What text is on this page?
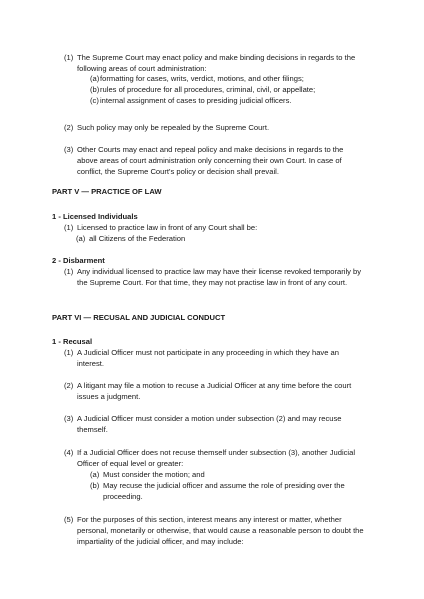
(1) The Supreme Court may enact policy and make binding decisions in regards to the following areas of court administration:
(a) formatting for cases, writs, verdict, motions, and other filings;
(b) rules of procedure for all procedures, criminal, civil, or appellate;
(c) internal assignment of cases to presiding judicial officers.
(2) Such policy may only be repealed by the Supreme Court.
(3) Other Courts may enact and repeal policy and make decisions in regards to the above areas of court administration only concerning their own Court. In case of conflict, the Supreme Court's policy or decision shall prevail.
PART V — PRACTICE OF LAW
1 - Licensed Individuals
(1) Licensed to practice law in front of any Court shall be:
(a) all Citizens of the Federation
2 - Disbarment
(1) Any individual licensed to practice law may have their license revoked temporarily by the Supreme Court. For that time, they may not practise law in front of any court.
PART VI — RECUSAL AND JUDICIAL CONDUCT
1 - Recusal
(1) A Judicial Officer must not participate in any proceeding in which they have an interest.
(2) A litigant may file a motion to recuse a Judicial Officer at any time before the court issues a judgment.
(3) A Judicial Officer must consider a motion under subsection (2) and may recuse themself.
(4) If a Judicial Officer does not recuse themself under subsection (3), another Judicial Officer of equal level or greater:
(a) Must consider the motion; and
(b) May recuse the judicial officer and assume the role of presiding over the proceeding.
(5) For the purposes of this section, interest means any interest or matter, whether personal, monetarily or otherwise, that would cause a reasonable person to doubt the impartiality of the judicial officer, and may include:
